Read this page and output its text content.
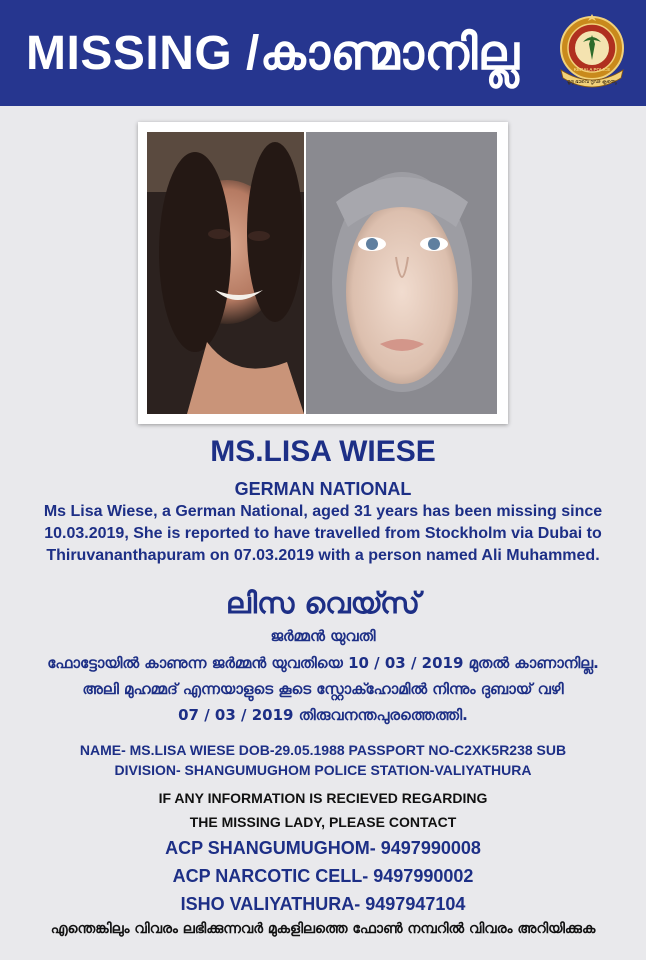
MISSING /കാണ്മാനില്ല
മൃദു ഭാവെ ദൃഢ കൃത്യെ
KERALA POLICE
MS.LISA WIESE
GERMAN NATIONAL
Ms Lisa Wiese, a German National, aged 31 years has been missing since
10.03.2019, She is reported to have travelled from Stockholm via Dubai to
Thiruvananthapuram on 07.03.2019 with a person named Ali Muhammed.
ലിസ വെയ്സ്
ജർമ്മൻ യുവതി
ഫോട്ടോയിൽ കാണുന്ന ജർമ്മൻ യുവതിയെ 10 / 03 / 2019 മുതൽ കാണാനില്ല.
അലി മുഹമ്മദ് എന്നയാളുടെ കൂടെ സ്റ്റോക്ഹോമിൽ നിന്നും ദുബായ് വഴി
07 / 03 / 2019 തിരുവനന്തപുരത്തെത്തി.
NAME- MS.LISA WIESE DOB-29.05.1988 PASSPORT NO-C2XK5R238 SUB
DIVISION- SHANGUMUGHOM POLICE STATION-VALIYATHURA
IF ANY INFORMATION IS RECIEVED REGARDING
THE MISSING LADY, PLEASE CONTACT
ACP SHANGUMUGHOM- 9497990008
ACP NARCOTIC CELL- 9497990002
ISHO VALIYATHURA- 9497947104
എന്തെങ്കിലും വിവരം ലഭിക്കുന്നവർ മുകളിലത്തെ ഫോൺ നമ്പറിൽ വിവരം അറിയിക്കുക
